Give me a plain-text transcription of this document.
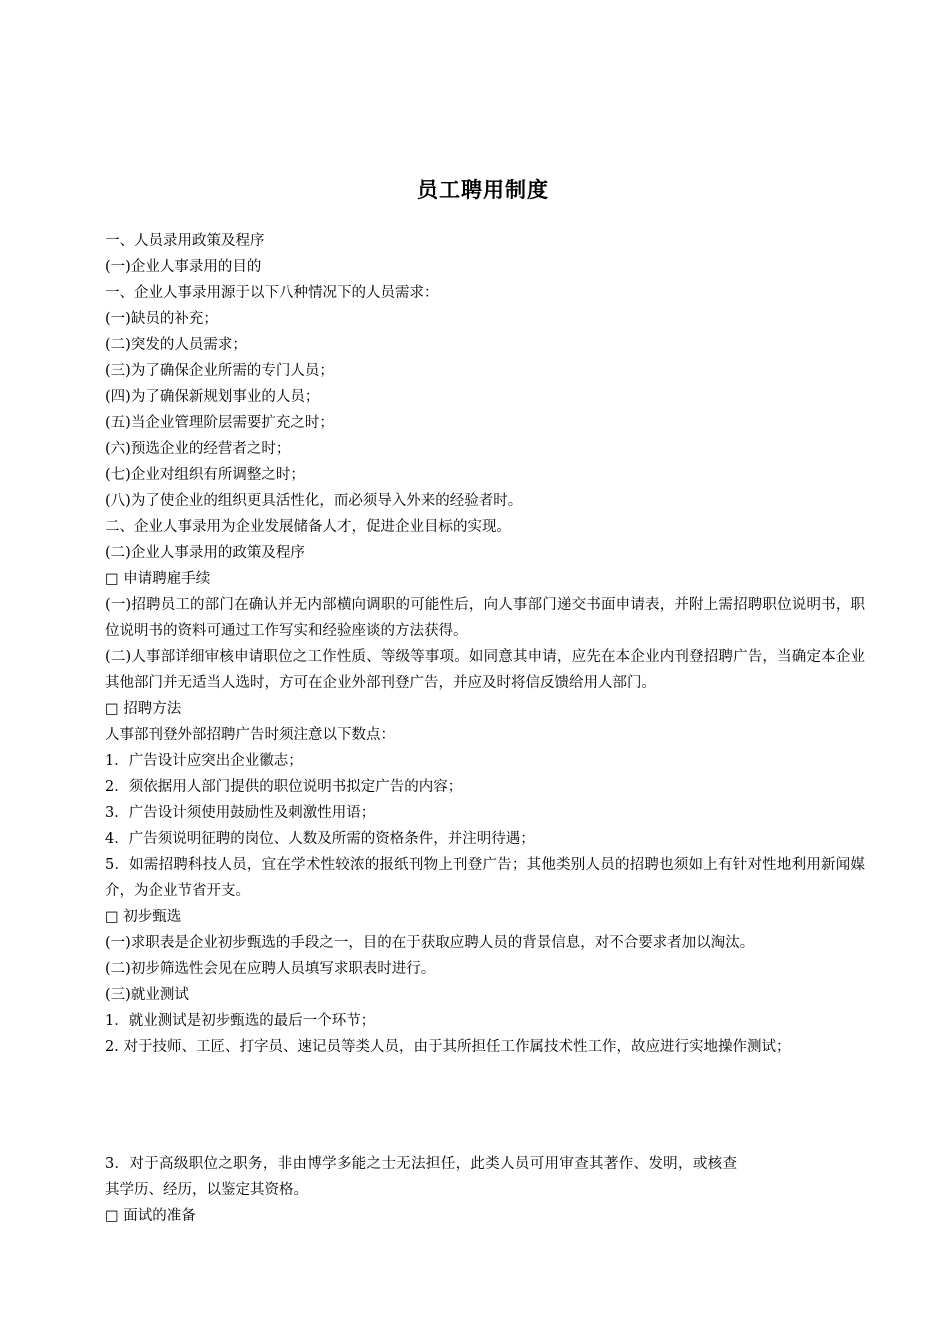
员工聘用制度

一、人员录用政策及程序

(一)企业人事录用的目的

一、企业人事录用源于以下八种情况下的人员需求：

(一)缺员的补充；

(二)突发的人员需求；

(三)为了确保企业所需的专门人员；

(四)为了确保新规划事业的人员；

(五)当企业管理阶层需要扩充之时；

(六)预选企业的经营者之时；

(七)企业对组织有所调整之时；

(八)为了使企业的组织更具活性化，而必须导入外来的经验者时。

二、企业人事录用为企业发展储备人才，促进企业目标的实现。

(二)企业人事录用的政策及程序

□ 申请聘雇手续

(一)招聘员工的部门在确认并无内部横向调职的可能性后，向人事部门递交书面申请表，并附上需招聘职位说明书，职位说明书的资料可通过工作写实和经验座谈的方法获得。

(二)人事部详细审核申请职位之工作性质、等级等事项。如同意其申请，应先在本企业内刊登招聘广告，当确定本企业其他部门并无适当人选时，方可在企业外部刊登广告，并应及时将信反馈给用人部门。

□ 招聘方法

人事部刊登外部招聘广告时须注意以下数点：

1．广告设计应突出企业徽志；

2．须依据用人部门提供的职位说明书拟定广告的内容；

3．广告设计须使用鼓励性及刺激性用语；

4．广告须说明征聘的岗位、人数及所需的资格条件，并注明待遇；

5．如需招聘科技人员，宜在学术性较浓的报纸刊物上刊登广告；其他类别人员的招聘也须如上有针对性地利用新闻媒介，为企业节省开支。

□ 初步甄选

(一)求职表是企业初步甄选的手段之一，目的在于获取应聘人员的背景信息，对不合要求者加以淘汰。

(二)初步筛选性会见在应聘人员填写求职表时进行。

(三)就业测试

1．就业测试是初步甄选的最后一个环节；

2. 对于技师、工匠、打字员、速记员等类人员，由于其所担任工作属技术性工作，故应进行实地操作测试；

3．对于高级职位之职务，非由博学多能之士无法担任，此类人员可用审查其著作、发明，或核查其学历、经历，以鉴定其资格。

□ 面试的准备
